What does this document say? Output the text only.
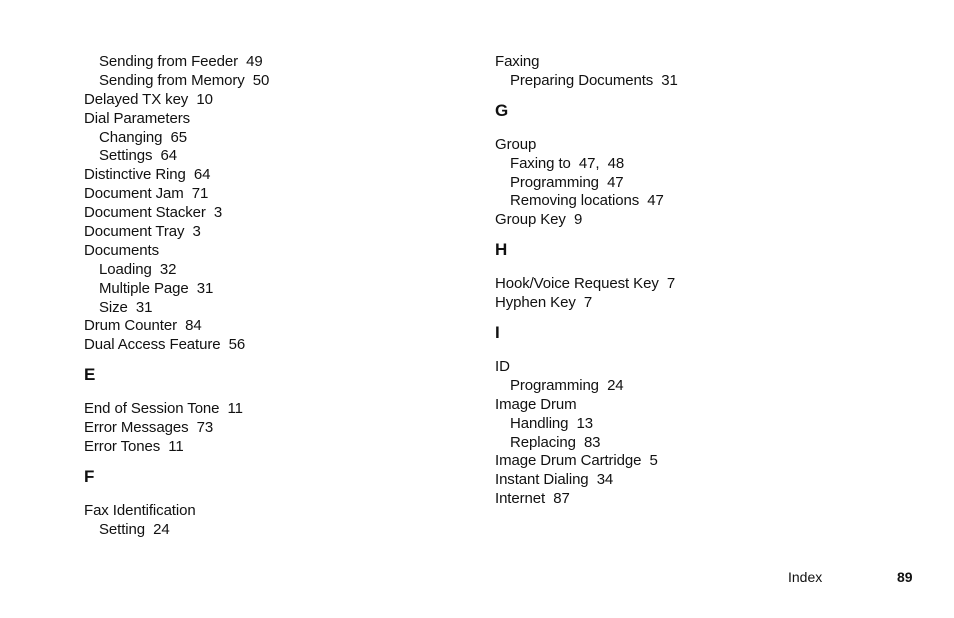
Sending from Feeder  49
Sending from Memory  50
Delayed TX key  10
Dial Parameters
Changing  65
Settings  64
Distinctive Ring  64
Document Jam  71
Document Stacker  3
Document Tray  3
Documents
Loading  32
Multiple Page  31
Size  31
Drum Counter  84
Dual Access Feature  56
E
End of Session Tone  11
Error Messages  73
Error Tones  11
F
Fax Identification
Setting  24
Faxing
Preparing Documents  31
G
Group
Faxing to  47,  48
Programming  47
Removing locations  47
Group Key  9
H
Hook/Voice Request Key  7
Hyphen Key  7
I
ID
Programming  24
Image Drum
Handling  13
Replacing  83
Image Drum Cartridge  5
Instant Dialing  34
Internet  87
Index	89
